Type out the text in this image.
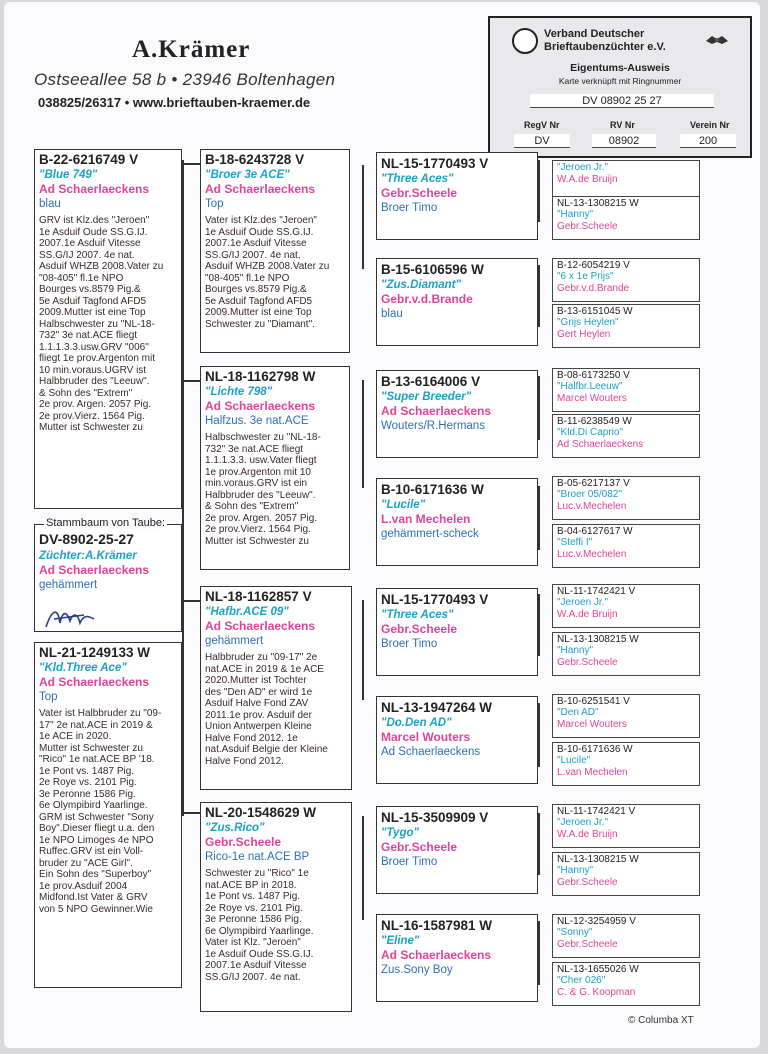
A.Krämer
Ostseeallee 58 b • 23946 Boltenhagen
038825/26317 • www.brieftauben-kraemer.de
Verband Deutscher
Brieftaubenzüchter e.V.
Eigentums-Ausweis
Karte verknüpft mit Ringnummer
DV 08902 25 27
RegV Nr	RV Nr	Verein Nr
DV	08902	200
B-22-6216749 V
"Blue 749"
Ad Schaerlaeckens
blau
GRV ist Klz.des "Jeroen"
1e Asduif Oude SS.G.IJ.
2007.1e Asduif Vitesse
SS.G/IJ 2007. 4e nat.
Asduif WHZB 2008.Vater zu
"08-405" fl.1e NPO
Bourges vs.8579 Pig.&
5e Asduif Tagfond AFD5
2009.Mutter ist eine Top
Halbschwester zu "NL-18-
732" 3e nat.ACE fliegt
1.1.1.3.3.usw.GRV "006"
fliegt 1e prov.Argenton mit
10 min.voraus.UGRV ist
Halbbruder des "Leeuw".
& Sohn des "Extrem"
2e prov. Argen. 2057 Pig.
2e prov.Vierz. 1564 Pig.
Mutter ist Schwester zu
DV-8902-25-27
Züchter:A.Krämer
Ad Schaerlaeckens
gehämmert
Stammbaum von Taube:
NL-21-1249133 W
"Kld.Three Ace"
Ad Schaerlaeckens
Top
Vater ist Halbbruder zu "09-
17" 2e nat.ACE in 2019 &
1e ACE in 2020.
Mutter ist Schwester zu
"Rico" 1e nat.ACE BP '18.
1e Pont vs. 1487 Pig.
2e Roye vs. 2101 Pig.
3e Peronne 1586 Pig.
6e Olympibird Yaarlinge.
GRM ist Schwester "Sony
Boy".Dieser fliegt u.a. den
1e NPO Limoges 4e NPO
Ruffec.GRV ist ein Voll-
bruder zu "ACE Girl".
Ein Sohn des "Superboy"
1e prov.Asduif 2004
Midfond.Ist Vater & GRV
von 5 NPO Gewinner.Wie
B-18-6243728 V
"Broer 3e ACE"
Ad Schaerlaeckens
Top
Vater ist Klz.des "Jeroen"
1e Asduif Oude SS.G.IJ.
2007.1e Asduif Vitesse
SS.G/IJ 2007. 4e nat.
Asduif WHZB 2008.Vater zu
"08-405" fl.1e NPO
Bourges vs.8579 Pig.&
5e Asduif Tagfond AFD5
2009.Mutter ist eine Top
Schwester zu "Diamant".
NL-18-1162798 W
"Lichte 798"
Ad Schaerlaeckens
Halfzus. 3e nat.ACE
Halbschwester zu "NL-18-
732" 3e nat.ACE fliegt
1.1.1.3.3. usw.Vater fliegt
1e prov.Argenton mit 10
min.voraus.GRV ist ein
Halbbruder des "Leeuw".
& Sohn des "Extrem"
2e prov. Argen. 2057 Pig.
2e prov.Vierz. 1564 Pig.
Mutter ist Schwester zu
NL-18-1162857 V
"Hafbr.ACE 09"
Ad Schaerlaeckens
gehämmert
Halbbruder zu "09-17" 2e
nat.ACE in 2019 & 1e ACE
2020.Mutter ist Tochter
des "Den AD" er wird 1e
Asduif Halve Fond ZAV
2011.1e prov. Asduif der
Union Antwerpen Kleine
Halve Fond 2012. 1e
nat.Asduif Belgie der Kleine
Halve Fond 2012.
NL-20-1548629 W
"Zus.Rico"
Gebr.Scheele
Rico-1e nat.ACE BP
Schwester zu "Rico" 1e
nat.ACE BP in 2018.
1e Pont vs. 1487 Pig.
2e Roye vs. 2101 Pig.
3e Peronne 1586 Pig.
6e Olympibird Yaarlinge.
Vater ist Klz. "Jeroen"
1e Asduif Oude SS.G.IJ.
2007.1e Asduif Vitesse
SS.G/IJ 2007. 4e nat.
NL-15-1770493 V
"Three Aces"
Gebr.Scheele
Broer Timo
B-15-6106596 W
"Zus.Diamant"
Gebr.v.d.Brande
blau
B-13-6164006 V
"Super Breeder"
Ad Schaerlaeckens
Wouters/R.Hermans
B-10-6171636 W
"Lucile"
L.van Mechelen
gehämmert-scheck
NL-15-1770493 V
"Three Aces"
Gebr.Scheele
Broer Timo
NL-13-1947264 W
"Do.Den AD"
Marcel Wouters
Ad Schaerlaeckens
NL-15-3509909 V
"Tygo"
Gebr.Scheele
Broer Timo
NL-16-1587981 W
"Eline"
Ad Schaerlaeckens
Zus.Sony Boy
"Jeroen Jr."
W.A.de Bruijn
NL-13-1308215 W
"Hanny"
Gebr.Scheele
B-12-6054219 V
"6 x 1e Prijs"
Gebr.v.d.Brande
B-13-6151045 W
"Grijs Heylen"
Gert Heylen
B-08-6173250 V
"Halfbr.Leeuw"
Marcel Wouters
B-11-6238549 W
"Kld.Di Caprio"
Ad Schaerlaeckens
B-05-6217137 V
"Broer 05/082"
Luc.v.Mechelen
B-04-6127617 W
"Steffi I"
Luc.v.Mechelen
NL-11-1742421 V
"Jeroen Jr."
W.A.de Bruijn
NL-13-1308215 W
"Hanny"
Gebr.Scheele
B-10-6251541 V
"Den AD"
Marcel Wouters
B-10-6171636 W
"Lucile"
L.van Mechelen
NL-11-1742421 V
"Jeroen Jr."
W.A.de Bruijn
NL-13-1308215 W
"Hanny"
Gebr.Scheele
NL-12-3254959 V
"Sonny"
Gebr.Scheele
NL-13-1655026 W
"Cher 026"
C. & G. Koopman
© Columba XT
